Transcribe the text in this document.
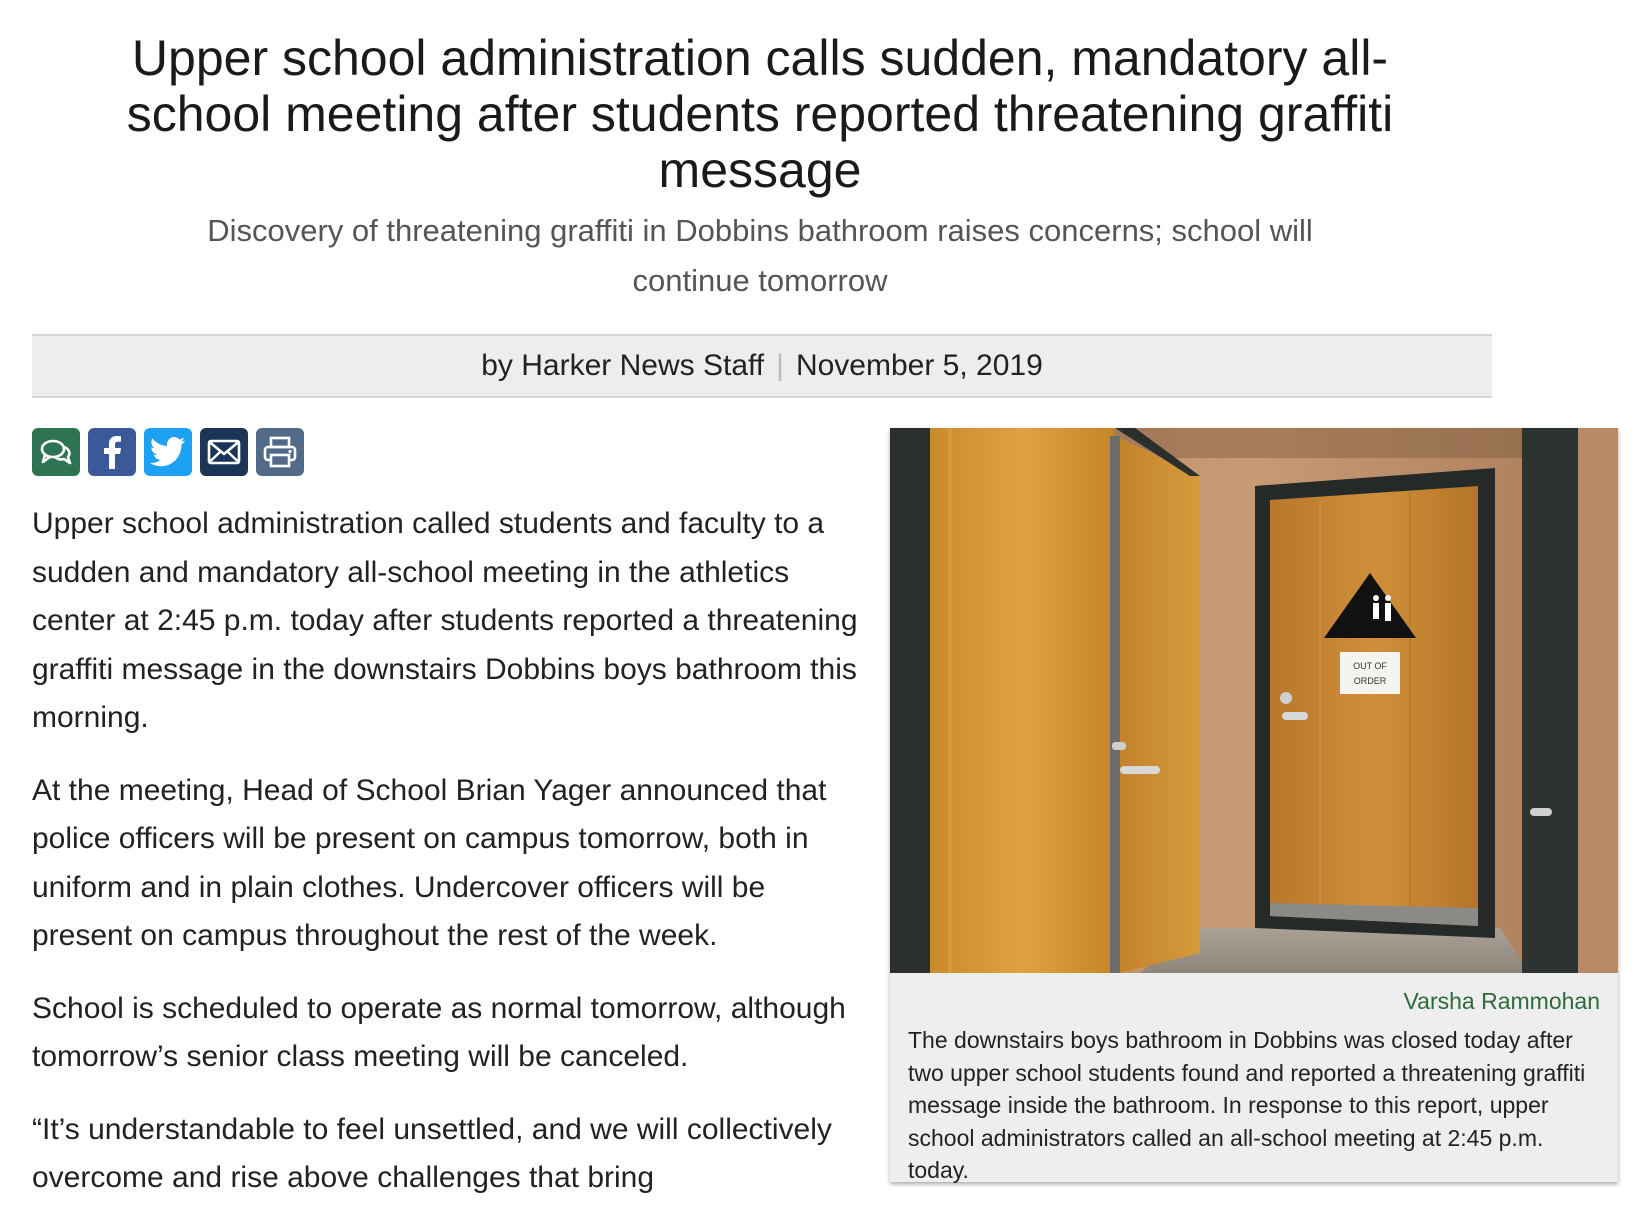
Upper school administration calls sudden, mandatory all-school meeting after students reported threatening graffiti message

Discovery of threatening graffiti in Dobbins bathroom raises concerns; school will continue tomorrow

by Harker News Staff | November 5, 2019

Upper school administration called students and faculty to a sudden and mandatory all-school meeting in the athletics center at 2:45 p.m. today after students reported a threatening graffiti message in the downstairs Dobbins boys bathroom this morning.

At the meeting, Head of School Brian Yager announced that police officers will be present on campus tomorrow, both in uniform and in plain clothes. Undercover officers will be present on campus throughout the rest of the week.

School is scheduled to operate as normal tomorrow, although tomorrow’s senior class meeting will be canceled.

“It’s understandable to feel unsettled, and we will collectively overcome and rise above challenges that bring

OUT OF
ORDER
Varsha Rammohan

The downstairs boys bathroom in Dobbins was closed today after two upper school students found and reported a threatening graffiti message inside the bathroom. In response to this report, upper school administrators called an all-school meeting at 2:45 p.m. today.
